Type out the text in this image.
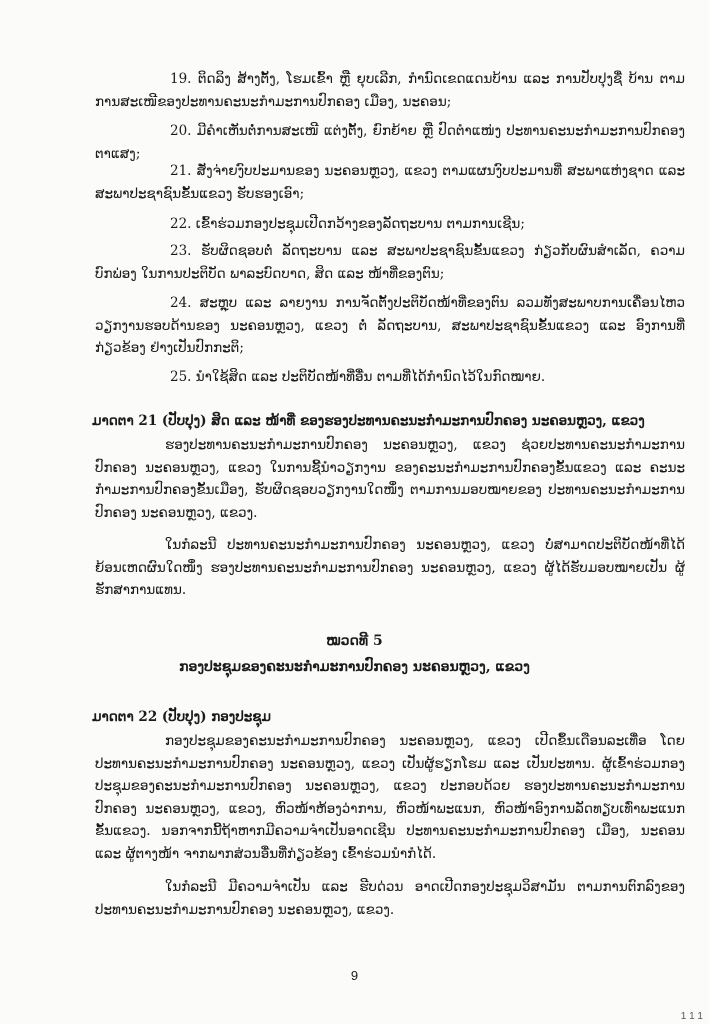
19. ຕິດລິງ ສ້າງຕັ້ງ, ໂຮມເຂົ້າ ຫຼື ຍຸບເລີກ, ກຳນົດເຂດແດນບ້ານ ແລະ ການປັບປຸງຊື່ ບ້ານ ຕາມການສະເໜີຂອງປະທານຄະນະກຳມະການປົກຄອງ ເມືອງ, ນະຄອນ;
20. ມີຄຳເຫັນຕໍ່ການສະເໜີ ແຕ່ງຕັ້ງ, ຍົກຍ້າຍ ຫຼື ປົດຕຳແໜ່ງ ປະທານຄະນະກຳມະການປົກຄອງ ຕາແສງ;
21. ສັ່ງຈ່າຍງົບປະມານຂອງ ນະຄອນຫຼວງ, ແຂວງ ຕາມແຜນງົບປະມານທີ່ ສະພາແຫ່ງຊາດ ແລະ ສະພາປະຊາຊົນຂັ້ນແຂວງ ຮັບຮອງເອົາ;
22. ເຂົ້າຮ່ວມກອງປະຊຸມເປີດກວ້າງຂອງລັດຖະບານ ຕາມການເຊີນ;
23. ຮັບຜິດຊອບຕໍ່ ລັດຖະບານ ແລະ ສະພາປະຊາຊົນຂັ້ນແຂວງ ກ່ຽວກັບຜົນສຳເລັດ, ຄວາມບົກພ່ອງ ໃນການປະຕິບັດ ພາລະບົດບາດ, ສິດ ແລະ ໜ້າທີ່ຂອງຕົນ;
24. ສະຫຼຸບ ແລະ ລາຍງານ ການຈັດຕັ້ງປະຕິບັດໜ້າທີ່ຂອງຕົນ ລວມທັງສະພາບການເຄື່ອນໄຫວ ວຽກງານຮອບດ້ານຂອງ ນະຄອນຫຼວງ, ແຂວງ ຕໍ່ ລັດຖະບານ, ສະພາປະຊາຊົນຂັ້ນແຂວງ ແລະ ອົງການທີ່ ກ່ຽວຂ້ອງ ຢ່າງເປັນປົກກະຕິ;
25. ນຳໃຊ້ສິດ ແລະ ປະຕິບັດໜ້າທີ່ອື່ນ ຕາມທີ່ໄດ້ກຳນົດໄວ້ໃນກົດໝາຍ.
ມາດຕາ 21 (ປັບປຸງ) ສິດ ແລະ ໜ້າທີ່ ຂອງຮອງປະທານຄະນະກຳມະການປົກຄອງ ນະຄອນຫຼວງ, ແຂວງ
ຮອງປະທານຄະນະກຳມະການປົກຄອງ ນະຄອນຫຼວງ, ແຂວງ ຊ່ວຍປະທານຄະນະກຳມະການປົກຄອງ ນະຄອນຫຼວງ, ແຂວງ ໃນການຊີ້ນຳວຽກງານ ຂອງຄະນະກຳມະການປົກຄອງຂັ້ນແຂວງ ແລະ ຄະນະກຳມະການປົກຄອງຂັ້ນເມືອງ, ຮັບຜິດຊອບວຽກງານໃດໜຶ່ງ ຕາມການມອບໝາຍຂອງ ປະທານຄະນະກຳມະການປົກຄອງ ນະຄອນຫຼວງ, ແຂວງ.
ໃນກໍລະນີ ປະທານຄະນະກຳມະການປົກຄອງ ນະຄອນຫຼວງ, ແຂວງ ບໍ່ສາມາດປະຕິບັດໜ້າທີ່ໄດ້ ຍ້ອນເຫດຜົນໃດໜຶ່ງ ຮອງປະທານຄະນະກຳມະການປົກຄອງ ນະຄອນຫຼວງ, ແຂວງ ຜູ້ໄດ້ຮັບມອບໝາຍເປັນ ຜູ້ຮັກສາການແທນ.
ໝວດທີ 5
ກອງປະຊຸມຂອງຄະນະກຳມະການປົກຄອງ ນະຄອນຫຼວງ, ແຂວງ
ມາດຕາ 22 (ປັບປຸງ) ກອງປະຊຸມ
ກອງປະຊຸມຂອງຄະນະກຳມະການປົກຄອງ ນະຄອນຫຼວງ, ແຂວງ ເປີດຂຶ້ນເດືອນລະເທື່ອ ໂດຍປະທານຄະນະກຳມະການປົກຄອງ ນະຄອນຫຼວງ, ແຂວງ ເປັນຜູ້ຮຽກໂຮມ ແລະ ເປັນປະທານ. ຜູ້ເຂົ້າຮ່ວມກອງປະຊຸມຂອງຄະນະກຳມະການປົກຄອງ ນະຄອນຫຼວງ, ແຂວງ ປະກອບດ້ວຍ ຮອງປະທານຄະນະກຳມະການປົກຄອງ ນະຄອນຫຼວງ, ແຂວງ, ຫົວໜ້າຫ້ອງວ່າການ, ຫົວໜ້າພະແນກ, ຫົວໜ້າອົງການລັດທຽບເທົ່າພະແນກ ຂັ້ນແຂວງ. ນອກຈາກນີ້ຖ້າຫາກມີຄວາມຈຳເປັນອາດເຊີນ ປະທານຄະນະກຳມະການປົກຄອງ ເມືອງ, ນະຄອນ ແລະ ຜູ້ຕາງໜ້າ ຈາກພາກສ່ວນອື່ນທີ່ກ່ຽວຂ້ອງ ເຂົ້າຮ່ວມນຳກໍໄດ້.
ໃນກໍລະນີ ມີຄວາມຈຳເປັນ ແລະ ຮີບດ່ວນ ອາດເປີດກອງປະຊຸມວິສາມັນ ຕາມການຕົກລົງຂອງປະທານຄະນະກຳມະການປົກຄອງ ນະຄອນຫຼວງ, ແຂວງ.
9
1 1 1
